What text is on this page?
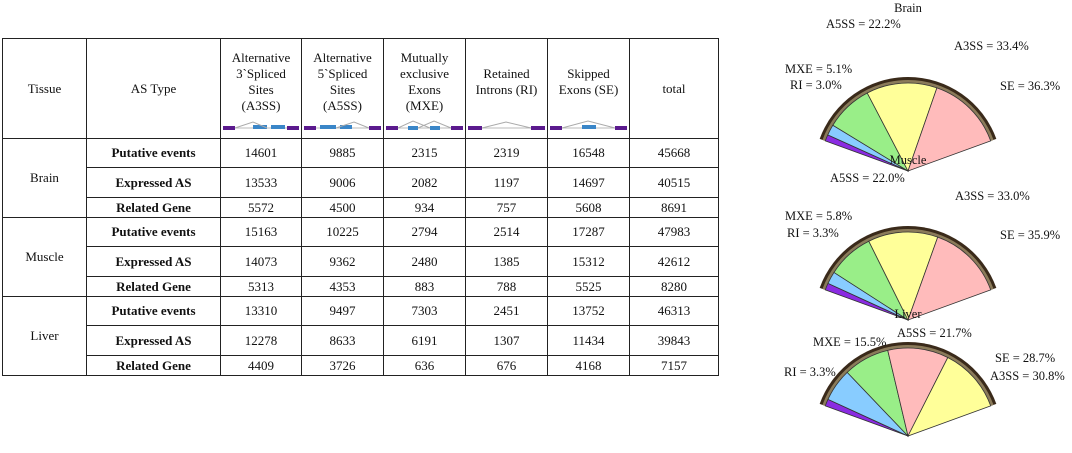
Tissue	AS Type	Alternative
3`Spliced
Sites
(A3SS)	Alternative
5`Spliced
Sites
(A5SS)	Mutually
exclusive
Exons
(MXE)	Retained
Introns (RI)	Skipped
Exons (SE)	total
Brain	Putative events	14601	9885	2315	2319	16548	45668
	Expressed AS	13533	9006	2082	1197	14697	40515
	Related Gene	5572	4500	934	757	5608	8691
Muscle	Putative events	15163	10225	2794	2514	17287	47983
	Expressed AS	14073	9362	2480	1385	15312	42612
	Related Gene	5313	4353	883	788	5525	8280
Liver	Putative events	13310	9497	7303	2451	13752	46313
	Expressed AS	12278	8633	6191	1307	11434	39843
	Related Gene	4409	3726	636	676	4168	7157
RI = 3.0%
MXE = 5.1%
A5SS = 22.2%
A3SS = 33.4%
SE = 36.3%
Brain
RI = 3.3%
MXE = 5.8%
A5SS = 22.0%
A3SS = 33.0%
SE = 35.9%
Muscle
RI = 3.3%
MXE = 15.5%
A5SS = 21.7%
SE = 28.7%
A3SS = 30.8%
Liver
